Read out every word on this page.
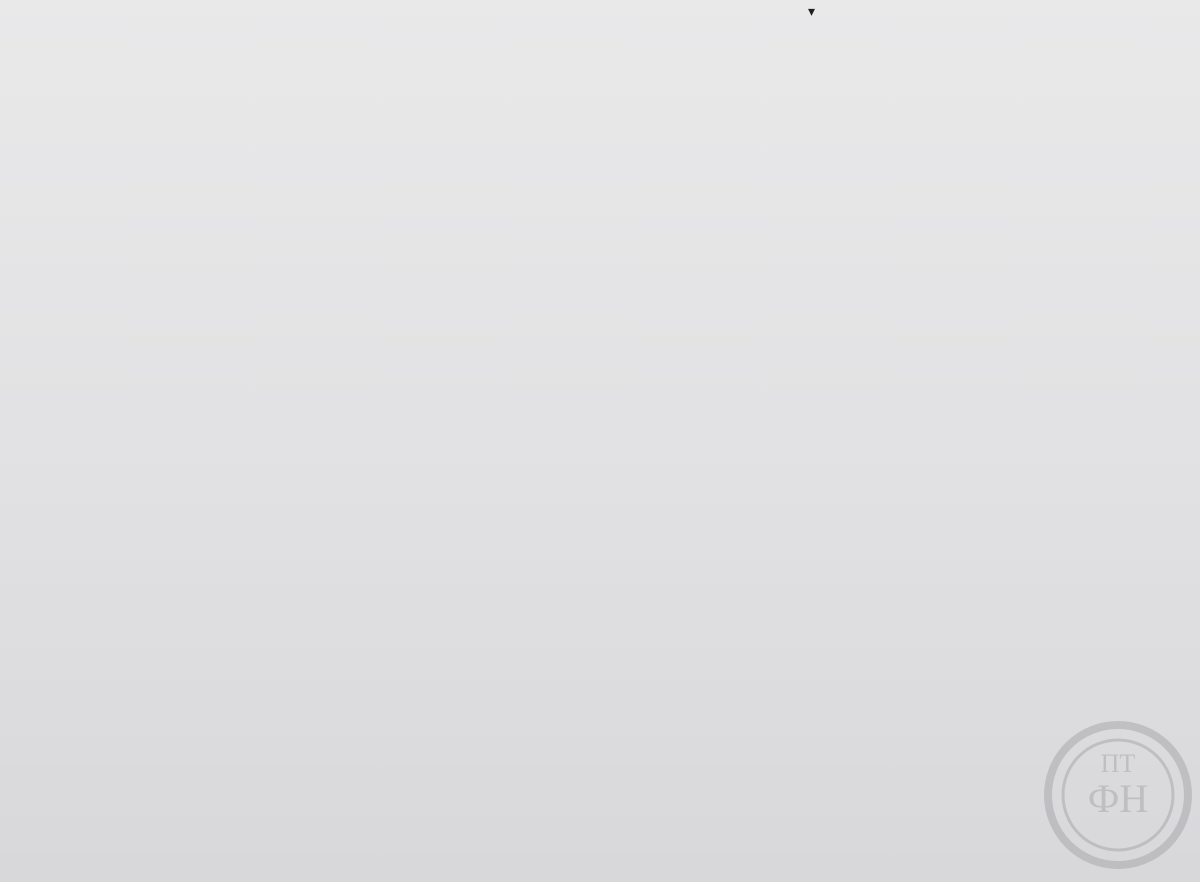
▾
ФН
ПТ
